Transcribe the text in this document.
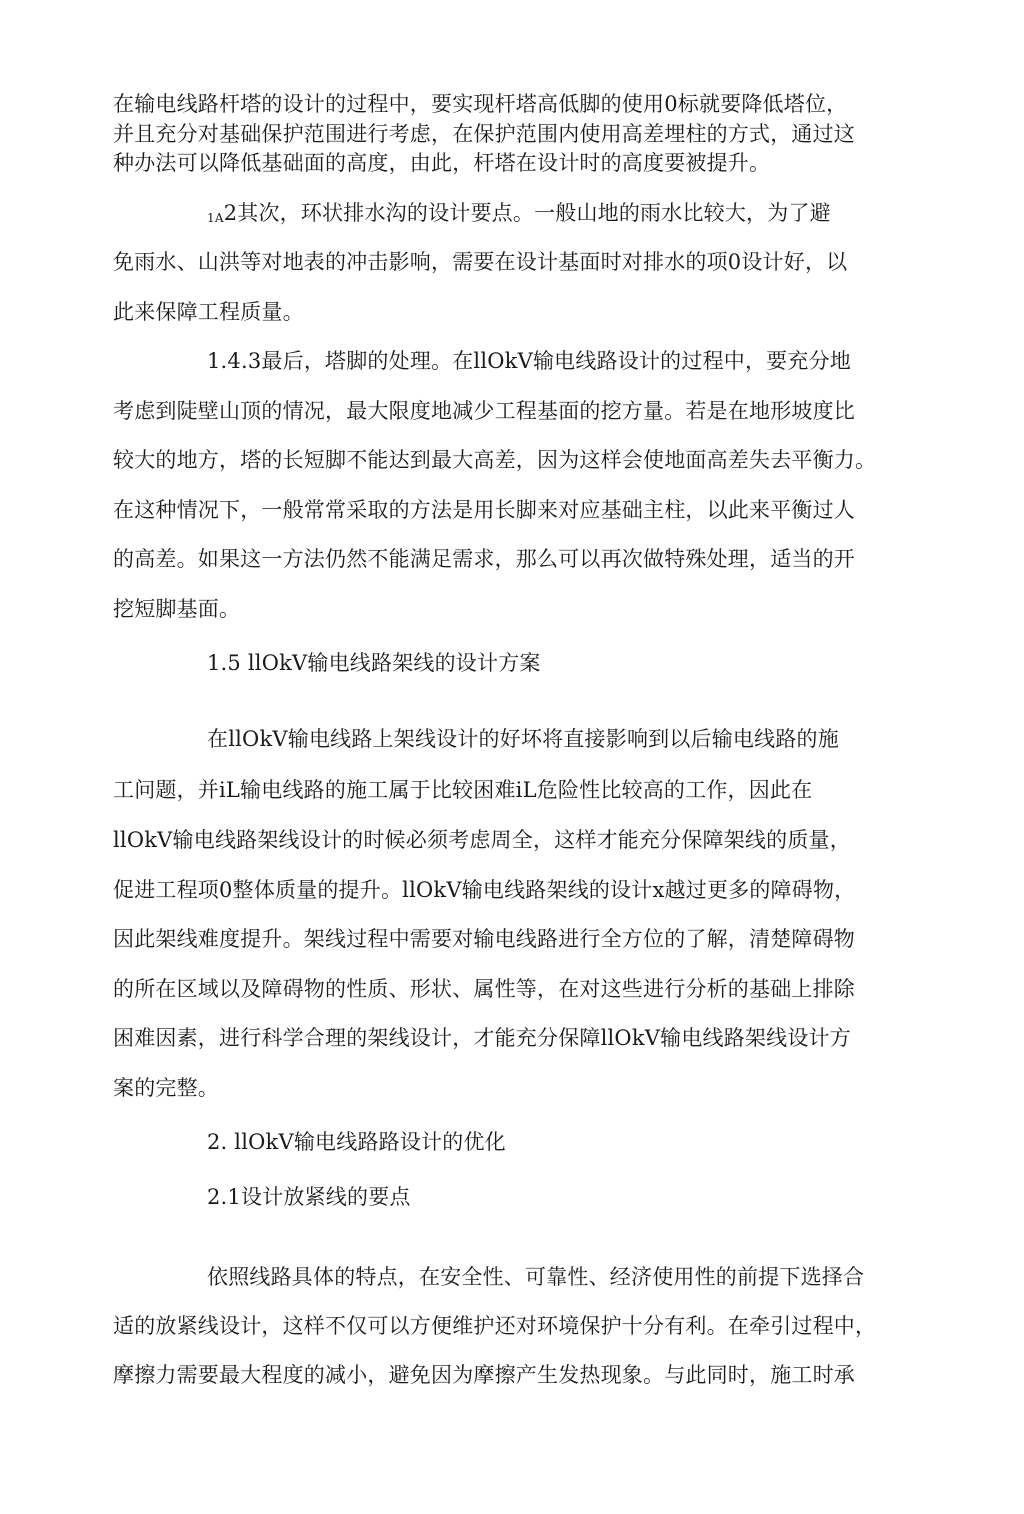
在输电线路杆塔的设计的过程中，要实现杆塔高低脚的使用0标就要降低塔位，
并且充分对基础保护范围进行考虑，在保护范围内使用高差埋柱的方式，通过这
种办法可以降低基础面的高度，由此，杆塔在设计时的高度要被提升。
$_{1A}$2其次，环状排水沟的设计要点。一般山地的雨水比较大，为了避
免雨水、山洪等对地表的冲击影响，需要在设计基面时对排水的项0设计好，以
此来保障工程质量。
1.4.3最后，塔脚的处理。在llOkV输电线路设计的过程中，要充分地
考虑到陡壁山顶的情况，最大限度地减少工程基面的挖方量。若是在地形坡度比
较大的地方，塔的长短脚不能达到最大高差，因为这样会使地面高差失去平衡力。
在这种情况下，一般常常采取的方法是用长脚来对应基础主柱，以此来平衡过人
的高差。如果这一方法仍然不能满足需求，那么可以再次做特殊处理，适当的开
挖短脚基面。
1.5 llOkV输电线路架线的设计方案
在llOkV输电线路上架线设计的好坏将直接影响到以后输电线路的施
工问题，并iL输电线路的施工属于比较困难iL危险性比较高的工作，因此在
llOkV输电线路架线设计的时候必须考虑周全，这样才能充分保障架线的质量，
促进工程项0整体质量的提升。llOkV输电线路架线的设计x越过更多的障碍物，
因此架线难度提升。架线过程中需要对输电线路进行全方位的了解，清楚障碍物
的所在区域以及障碍物的性质、形状、属性等，在对这些进行分析的基础上排除
困难因素，进行科学合理的架线设计，才能充分保障llOkV输电线路架线设计方
案的完整。
2. llOkV输电线路路设计的优化
2.1设计放紧线的要点
依照线路具体的特点，在安全性、可靠性、经济使用性的前提下选择合
适的放紧线设计，这样不仅可以方便维护还对环境保护十分有利。在牵引过程中，
摩擦力需要最大程度的减小，避免因为摩擦产生发热现象。与此同时，施工时承
